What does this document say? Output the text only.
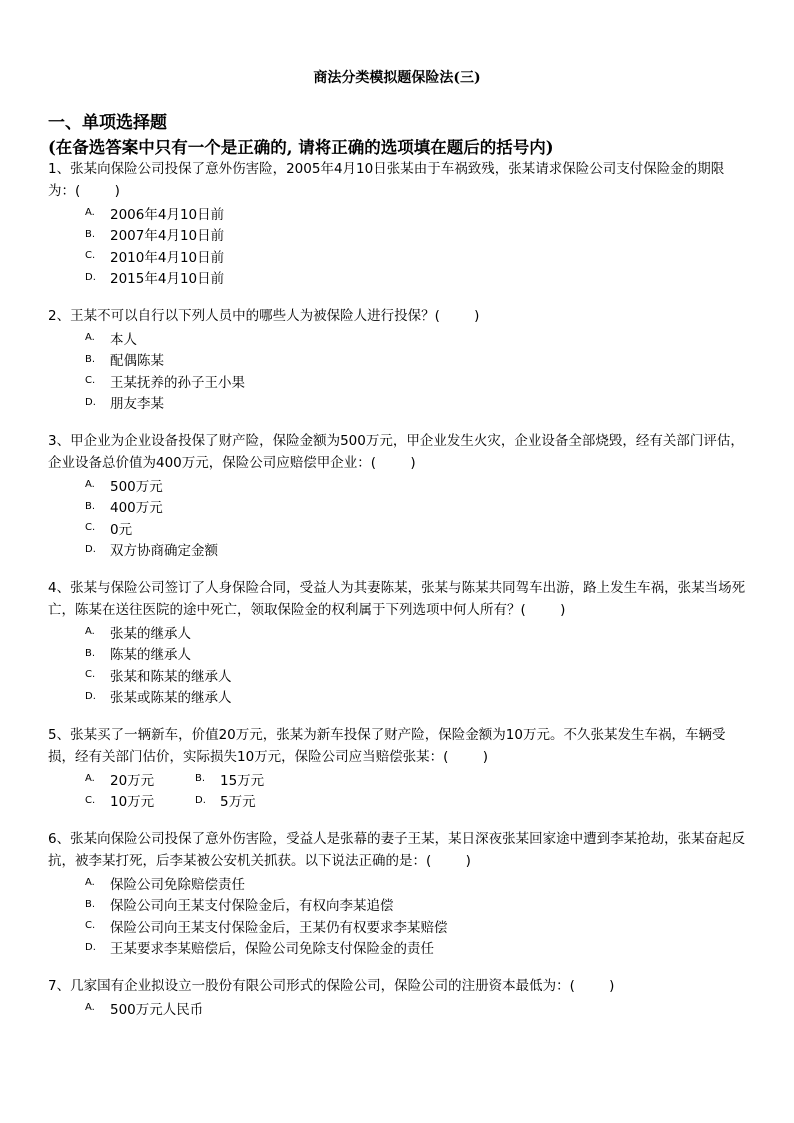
商法分类模拟题保险法(三)
一、单项选择题
(在备选答案中只有一个是正确的, 请将正确的选项填在题后的括号内)
1、张某向保险公司投保了意外伤害险，2005年4月10日张某由于车祸致残，张某请求保险公司支付保险金的期限为：(        )
A.	2006年4月10日前
B.	2007年4月10日前
C.	2010年4月10日前
D.	2015年4月10日前
2、王某不可以自行以下列人员中的哪些人为被保险人进行投保？(        )
A.	本人
B.	配偶陈某
C.	王某抚养的孙子王小果
D.	朋友李某
3、甲企业为企业设备投保了财产险，保险金额为500万元，甲企业发生火灾，企业设备全部烧毁，经有关部门评估，企业设备总价值为400万元，保险公司应赔偿甲企业：(        )
A.	500万元
B.	400万元
C.	0元
D.	双方协商确定金额
4、张某与保险公司签订了人身保险合同，受益人为其妻陈某，张某与陈某共同驾车出游，路上发生车祸，张某当场死亡，陈某在送往医院的途中死亡，领取保险金的权利属于下列选项中何人所有？(        )
A.	张某的继承人
B.	陈某的继承人
C.	张某和陈某的继承人
D.	张某或陈某的继承人
5、张某买了一辆新车，价值20万元，张某为新车投保了财产险，保险金额为10万元。不久张某发生车祸，车辆受损，经有关部门估价，实际损失10万元，保险公司应当赔偿张某：(        )
A.	20万元	B.	15万元
C.	10万元	D.	5万元
6、张某向保险公司投保了意外伤害险，受益人是张幕的妻子王某，某日深夜张某回家途中遭到李某抢劫，张某奋起反抗，被李某打死，后李某被公安机关抓获。以下说法正确的是：(        )
A.	保险公司免除赔偿责任
B.	保险公司向王某支付保险金后，有权向李某追偿
C.	保险公司向王某支付保险金后，王某仍有权要求李某赔偿
D.	王某要求李某赔偿后，保险公司免除支付保险金的责任
7、几家国有企业拟设立一股份有限公司形式的保险公司，保险公司的注册资本最低为：(        )
A.	500万元人民币
